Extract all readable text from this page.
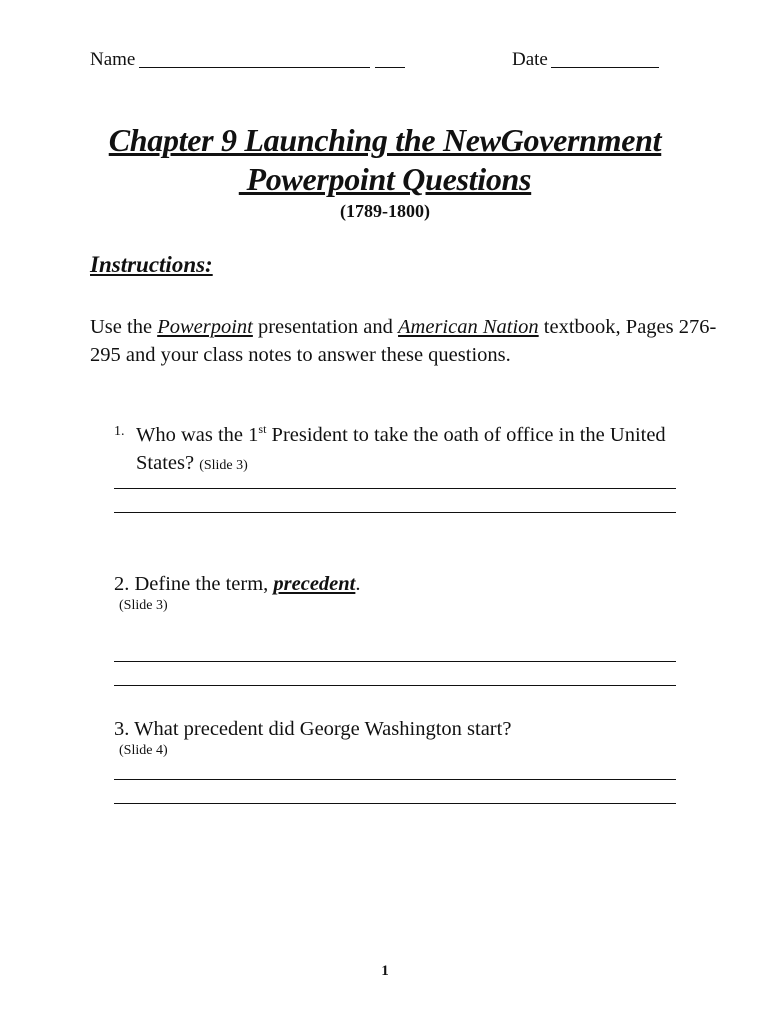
Name	Date
Chapter 9 Launching the NewGovernment
Powerpoint Questions
(1789-1800)
Instructions:
Use the Powerpoint presentation and American Nation textbook, Pages 276-295 and your class notes to answer these questions.
1. Who was the 1st President to take the oath of office in the United States? (Slide 3)
2. Define the term, precedent.
(Slide 3)
3. What precedent did George Washington start?
(Slide 4)
1
